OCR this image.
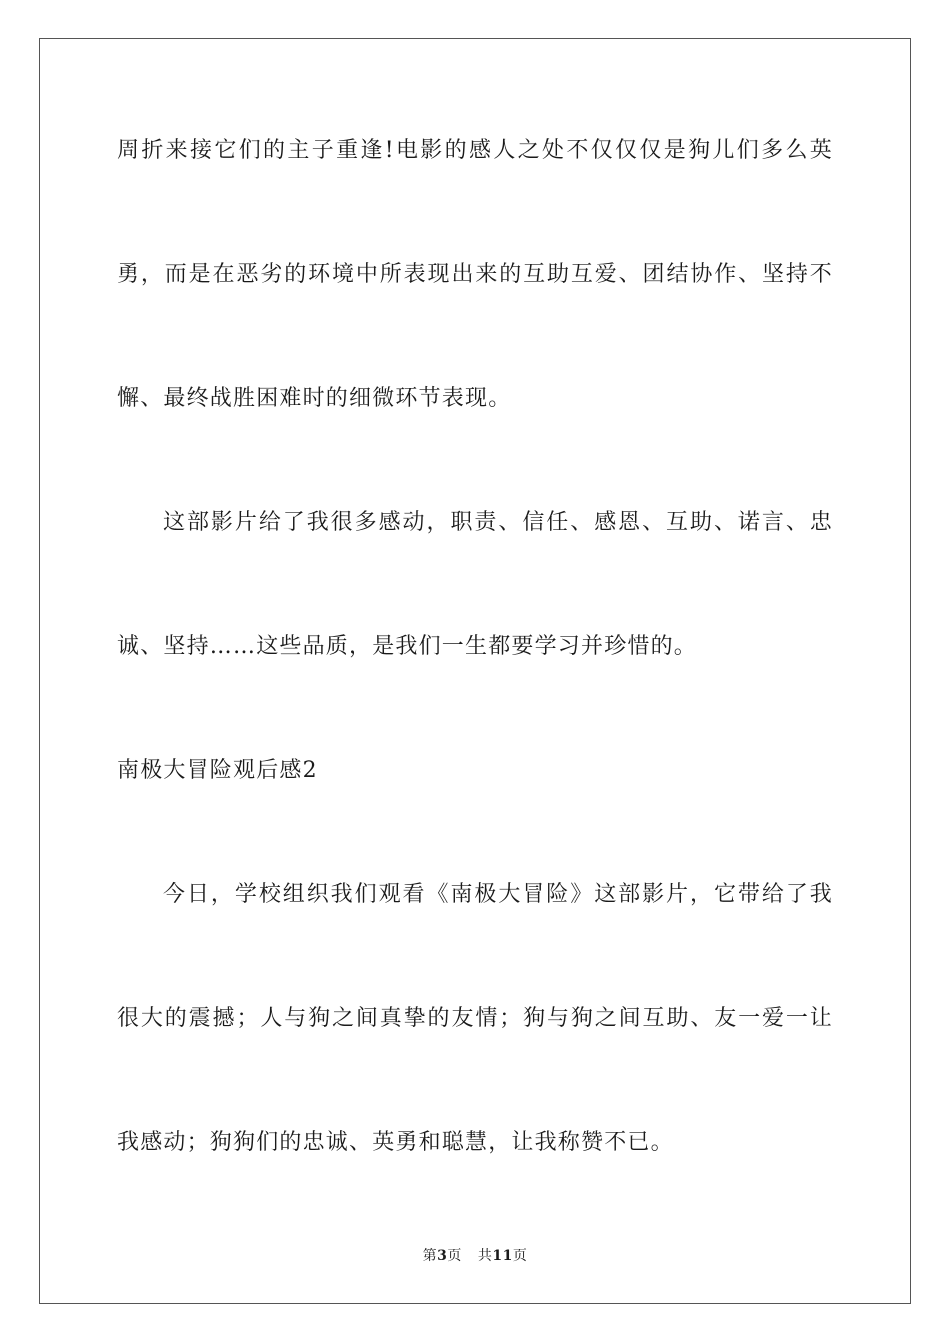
周折来接它们的主子重逢!电影的感人之处不仅仅仅是狗儿们多么英
勇，而是在恶劣的环境中所表现出来的互助互爱、团结协作、坚持不
懈、最终战胜困难时的细微环节表现。
这部影片给了我很多感动，职责、信任、感恩、互助、诺言、忠
诚、坚持……这些品质，是我们一生都要学习并珍惜的。
南极大冒险观后感2
今日，学校组织我们观看《南极大冒险》这部影片，它带给了我
很大的震撼；人与狗之间真挚的友情；狗与狗之间互助、友一爱一让
我感动；狗狗们的忠诚、英勇和聪慧，让我称赞不已。
第3页 共11页
